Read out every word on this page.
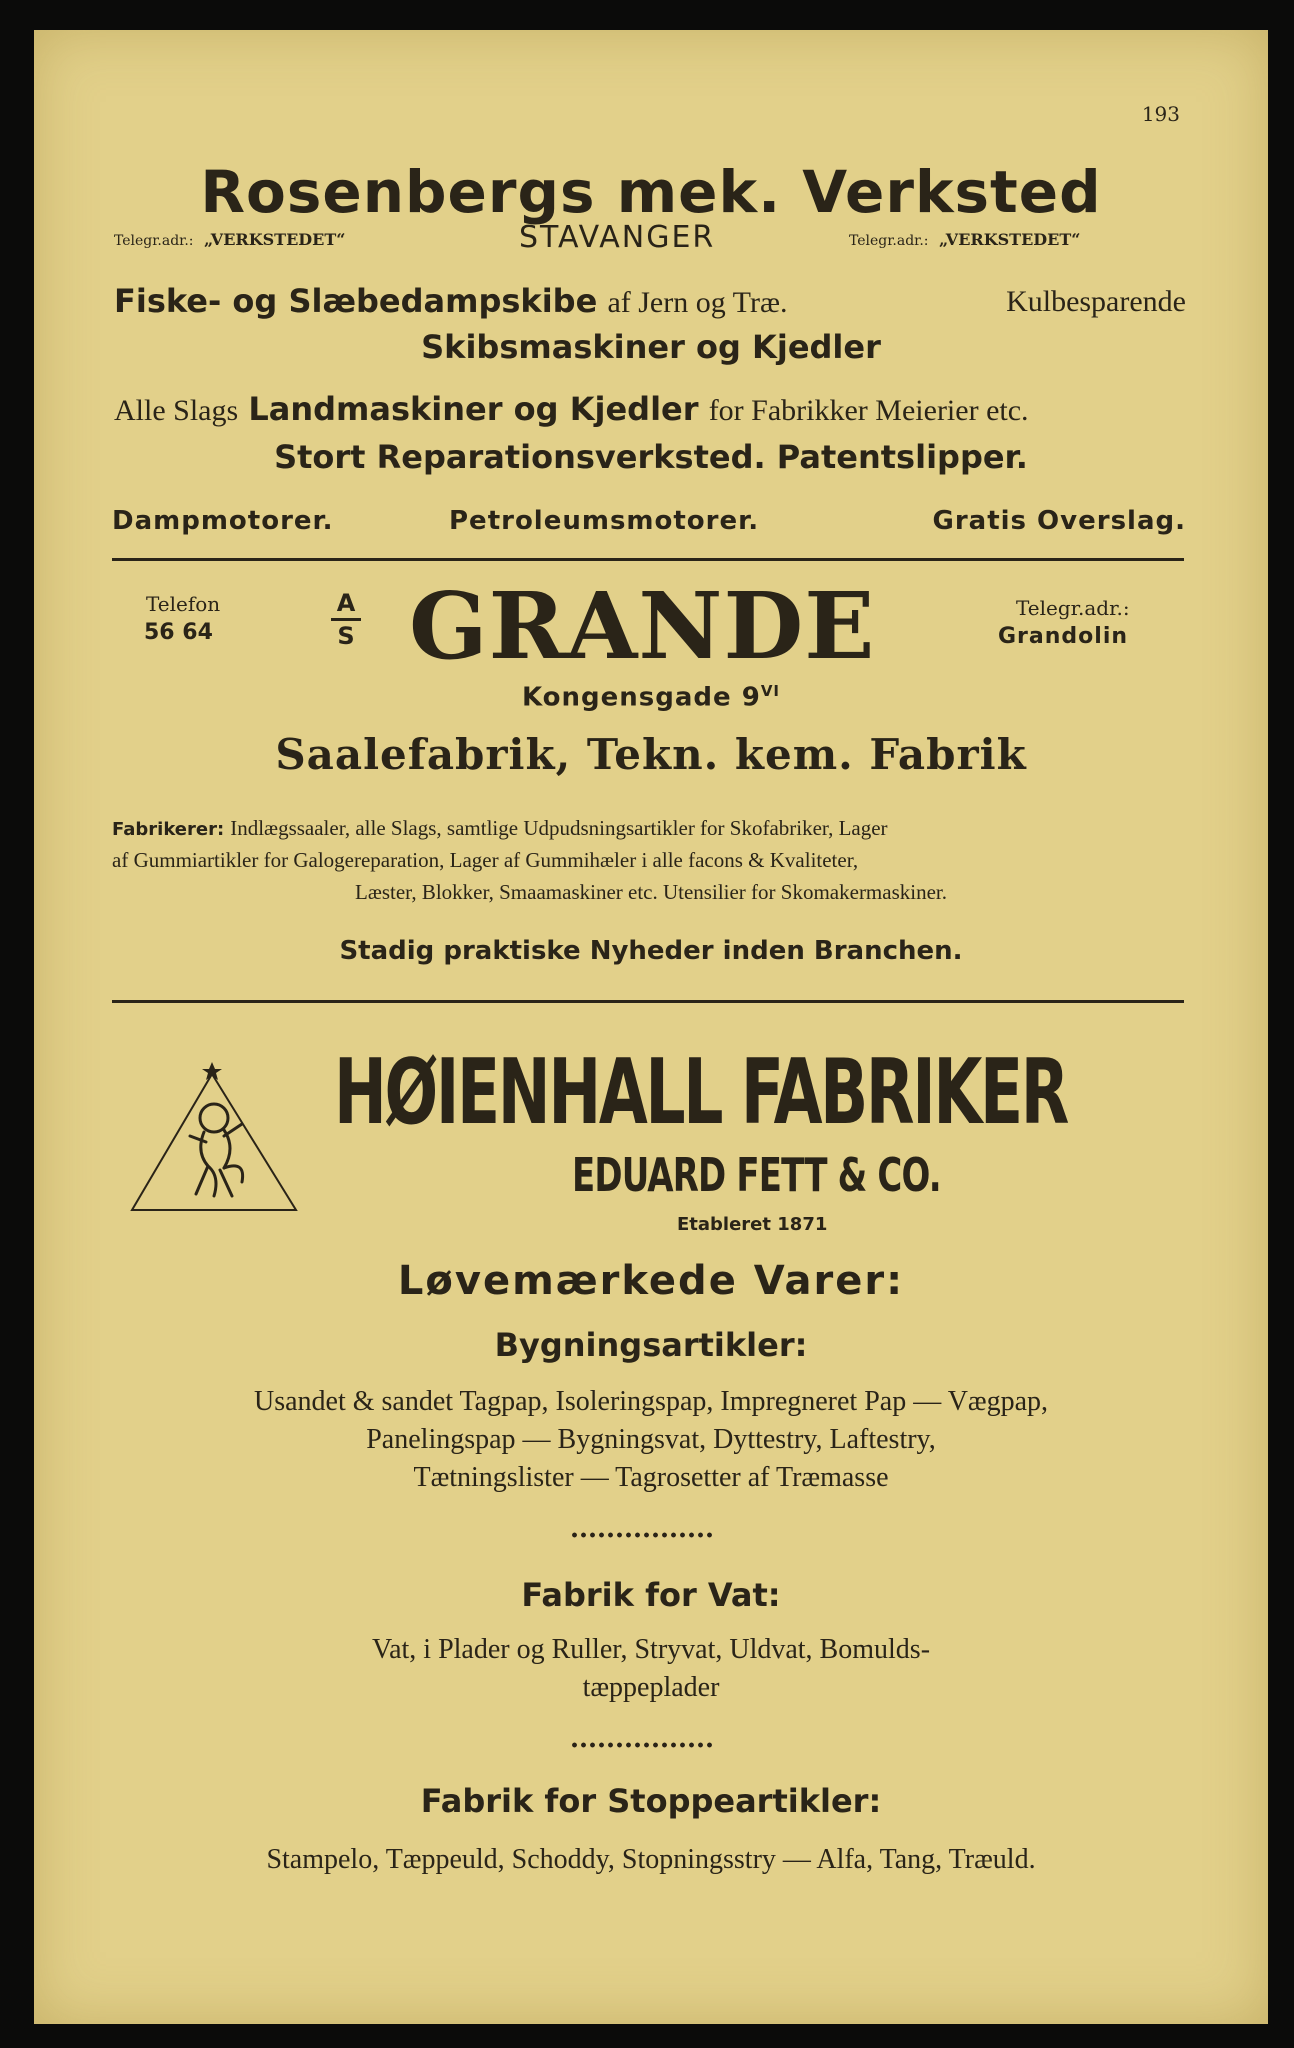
193
Rosenbergs mek. Verksted
Telegr.adr.: „VERKSTEDET“	STAVANGER	Telegr.adr.: „VERKSTEDET“
Fiske- og Slæbedampskibe af Jern og Træ.	Kulbesparende
Skibsmaskiner og Kjedler
Alle Slags Landmaskiner og Kjedler for Fabrikker Meierier etc.
Stort Reparationsverksted. Patentslipper.
Dampmotorer.	Petroleumsmotorer.	Gratis Overslag.
Telefon
56 64
A
S GRANDE	Telegr.adr.:
Grandolin
Kongensgade $9^{VI}$
Saalefabrik, Tekn. kem. Fabrik
Fabrikerer: Indlægssaaler, alle Slags, samtlige Udpudsningsartikler for Skofabriker, Lager
af Gummiartikler for Galogereparation, Lager af Gummihæler i alle facons & Kvaliteter,
Læster, Blokker, Smaamaskiner etc. Utensilier for Skomakermaskiner.
Stadig praktiske Nyheder inden Branchen.
HØIENHALL FABRIKER
EDUARD FETT & CO.
Etableret 1871
Løvemærkede Varer:
Bygningsartikler:
Usandet & sandet Tagpap, Isoleringspap, Impregneret Pap — Vægpap,
Panelingspap — Bygningsvat, Dyttestry, Laftestry,
Tætningslister — Tagrosetter af Træmasse
Fabrik for Vat:
Vat, i Plader og Ruller, Stryvat, Uldvat, Bomulds-
tæppeplader
Fabrik for Stoppeartikler:
Stampelo, Tæppeuld, Schoddy, Stopningsstry — Alfa, Tang, Træuld.
